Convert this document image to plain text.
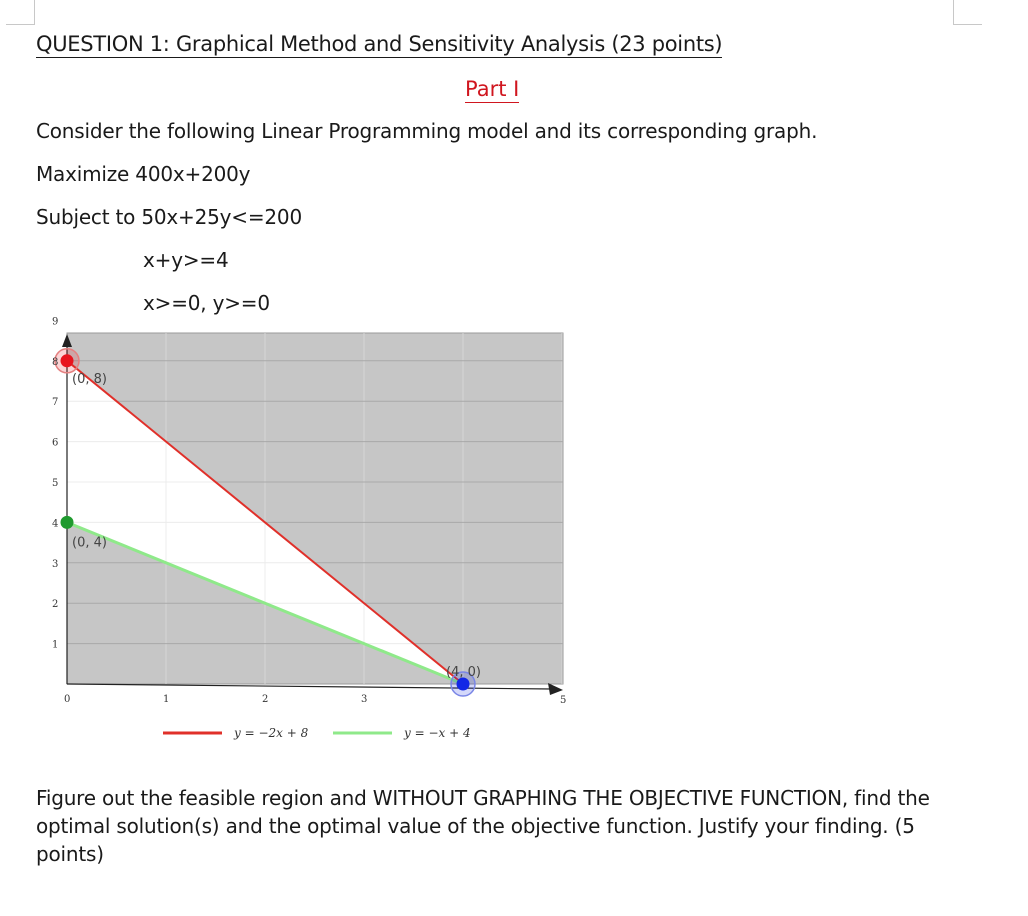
QUESTION 1: Graphical Method and Sensitivity Analysis (23 points)
Part I
Consider the following Linear Programming model and its corresponding graph.
Maximize 400x+200y
Subject to 50x+25y<=200
x+y>=4
x>=0, y>=0
(0, 8)
(0, 4)
(4, 0)
0	1	2	3	5
1
2
3
4
5
6
7
8
9
y = −2x + 8	y = −x + 4
Figure out the feasible region and WITHOUT GRAPHING THE OBJECTIVE FUNCTION, find the optimal solution(s) and the optimal value of the objective function. Justify your finding. (5 points)
